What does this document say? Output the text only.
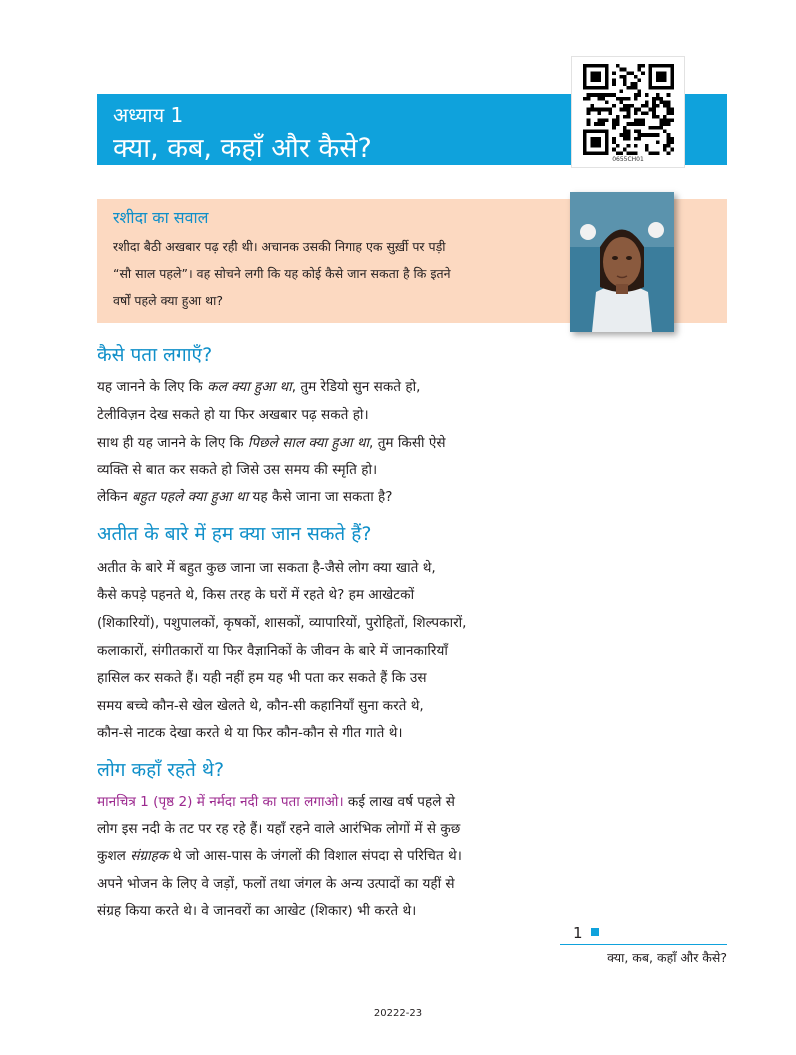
अध्याय 1
क्या, कब, कहाँ और कैसे?	0655CH01
रशीदा का सवाल
रशीदा बैठी अखबार पढ़ रही थी। अचानक उसकी निगाह एक सुर्ख़ी पर पड़ी
“सौ साल पहले”। वह सोचने लगी कि यह कोई कैसे जान सकता है कि इतने
वर्षों पहले क्या हुआ था?
कैसे पता लगाएँ?
यह जानने के लिए कि कल क्या हुआ था, तुम रेडियो सुन सकते हो,
टेलीविज़न देख सकते हो या फिर अखबार पढ़ सकते हो।
साथ ही यह जानने के लिए कि पिछले साल क्या हुआ था, तुम किसी ऐसे
व्यक्ति से बात कर सकते हो जिसे उस समय की स्मृति हो।
लेकिन बहुत पहले क्या हुआ था यह कैसे जाना जा सकता है?
अतीत के बारे में हम क्या जान सकते हैं?
अतीत के बारे में बहुत कुछ जाना जा सकता है-जैसे लोग क्या खाते थे,
कैसे कपड़े पहनते थे, किस तरह के घरों में रहते थे? हम आखेटकों
(शिकारियों), पशुपालकों, कृषकों, शासकों, व्यापारियों, पुरोहितों, शिल्पकारों,
कलाकारों, संगीतकारों या फिर वैज्ञानिकों के जीवन के बारे में जानकारियाँ
हासिल कर सकते हैं। यही नहीं हम यह भी पता कर सकते हैं कि उस
समय बच्चे कौन-से खेल खेलते थे, कौन-सी कहानियाँ सुना करते थे,
कौन-से नाटक देखा करते थे या फिर कौन-कौन से गीत गाते थे।
लोग कहाँ रहते थे?
मानचित्र 1 (पृष्ठ 2) में नर्मदा नदी का पता लगाओ। कई लाख वर्ष पहले से
लोग इस नदी के तट पर रह रहे हैं। यहाँ रहने वाले आरंभिक लोगों में से कुछ
कुशल संग्राहक थे जो आस-पास के जंगलों की विशाल संपदा से परिचित थे।
अपने भोजन के लिए वे जड़ों, फलों तथा जंगल के अन्य उत्पादों का यहीं से
संग्रह किया करते थे। वे जानवरों का आखेट (शिकार) भी करते थे।
1
क्या, कब, कहाँ और कैसे?
20222-23
